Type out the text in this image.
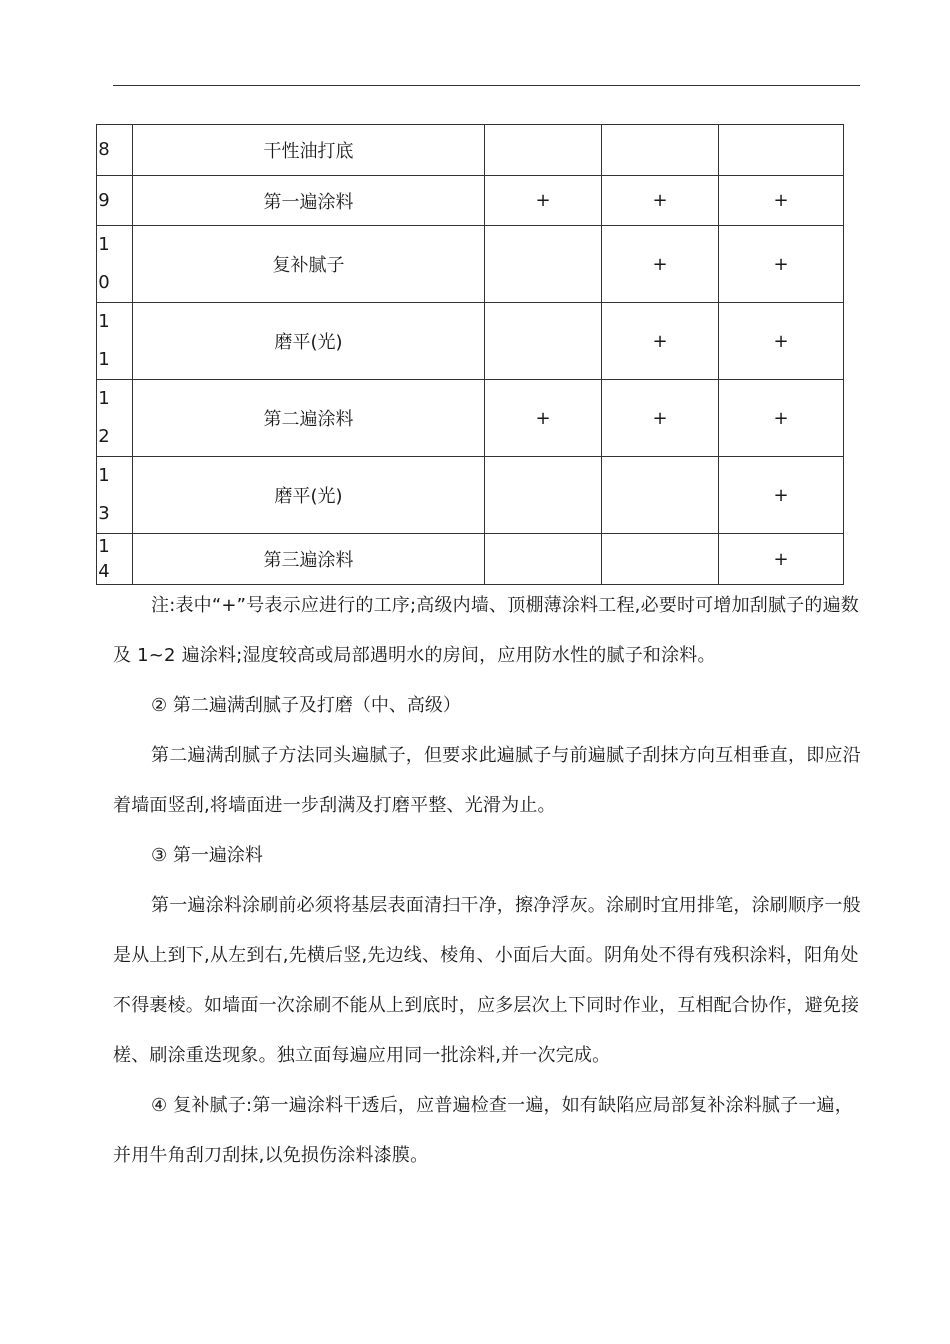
8	干性油打底			

9	第一遍涂料	+	+	+

10	复补腻子		+	+

11	磨平(光)		+	+

12	第二遍涂料	+	+	+

13	磨平(光)			+

14	第三遍涂料			+

注:表中“+”号表示应进行的工序;高级内墙、顶棚薄涂料工程,必要时可增加刮腻子的遍数及 1~2 遍涂料;湿度较高或局部遇明水的房间，应用防水性的腻子和涂料。

② 第二遍满刮腻子及打磨（中、高级）

第二遍满刮腻子方法同头遍腻子，但要求此遍腻子与前遍腻子刮抹方向互相垂直，即应沿着墙面竖刮,将墙面进一步刮满及打磨平整、光滑为止。

③ 第一遍涂料

第一遍涂料涂刷前必须将基层表面清扫干净，擦净浮灰。涂刷时宜用排笔，涂刷顺序一般是从上到下,从左到右,先横后竖,先边线、棱角、小面后大面。阴角处不得有残积涂料，阳角处不得裹棱。如墙面一次涂刷不能从上到底时，应多层次上下同时作业，互相配合协作，避免接槎、刷涂重迭现象。独立面每遍应用同一批涂料,并一次完成。

④ 复补腻子:第一遍涂料干透后，应普遍检查一遍，如有缺陷应局部复补涂料腻子一遍，并用牛角刮刀刮抹,以免损伤涂料漆膜。
